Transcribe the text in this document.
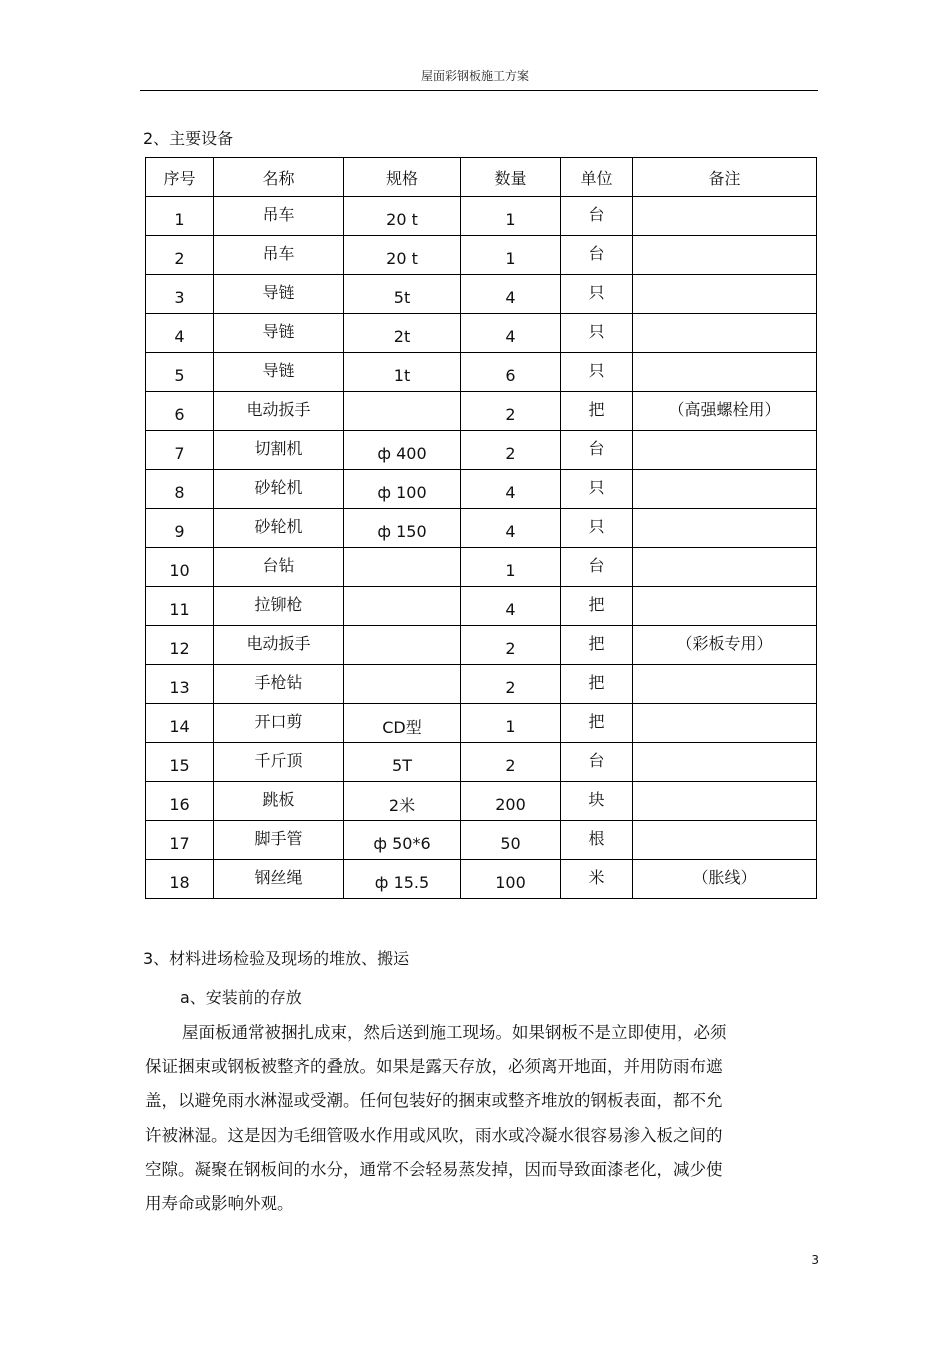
屋面彩钢板施工方案
2、主要设备
序号	名称	规格	数量	单位	备注
1	吊车	20 t	1	台	
2	吊车	20 t	1	台	
3	导链	5t	4	只	
4	导链	2t	4	只	
5	导链	1t	6	只	
6	电动扳手		2	把	（高强螺栓用）
7	切割机	ф 400	2	台	
8	砂轮机	ф 100	4	只	
9	砂轮机	ф 150	4	只	
10	台钻		1	台	
11	拉铆枪		4	把	
12	电动扳手		2	把	（彩板专用）
13	手枪钻		2	把	
14	开口剪	CD型	1	把	
15	千斤顶	5T	2	台	
16	跳板	2米	200	块	
17	脚手管	ф 50*6	50	根	
18	钢丝绳	ф 15.5	100	米	（胀线）
3、材料进场检验及现场的堆放、搬运
a、安装前的存放
屋面板通常被捆扎成束，然后送到施工现场。如果钢板不是立即使用，必须
保证捆束或钢板被整齐的叠放。如果是露天存放，必须离开地面，并用防雨布遮
盖，以避免雨水淋湿或受潮。任何包装好的捆束或整齐堆放的钢板表面，都不允
许被淋湿。这是因为毛细管吸水作用或风吹，雨水或冷凝水很容易渗入板之间的
空隙。凝聚在钢板间的水分，通常不会轻易蒸发掉，因而导致面漆老化，减少使
用寿命或影响外观。
3
